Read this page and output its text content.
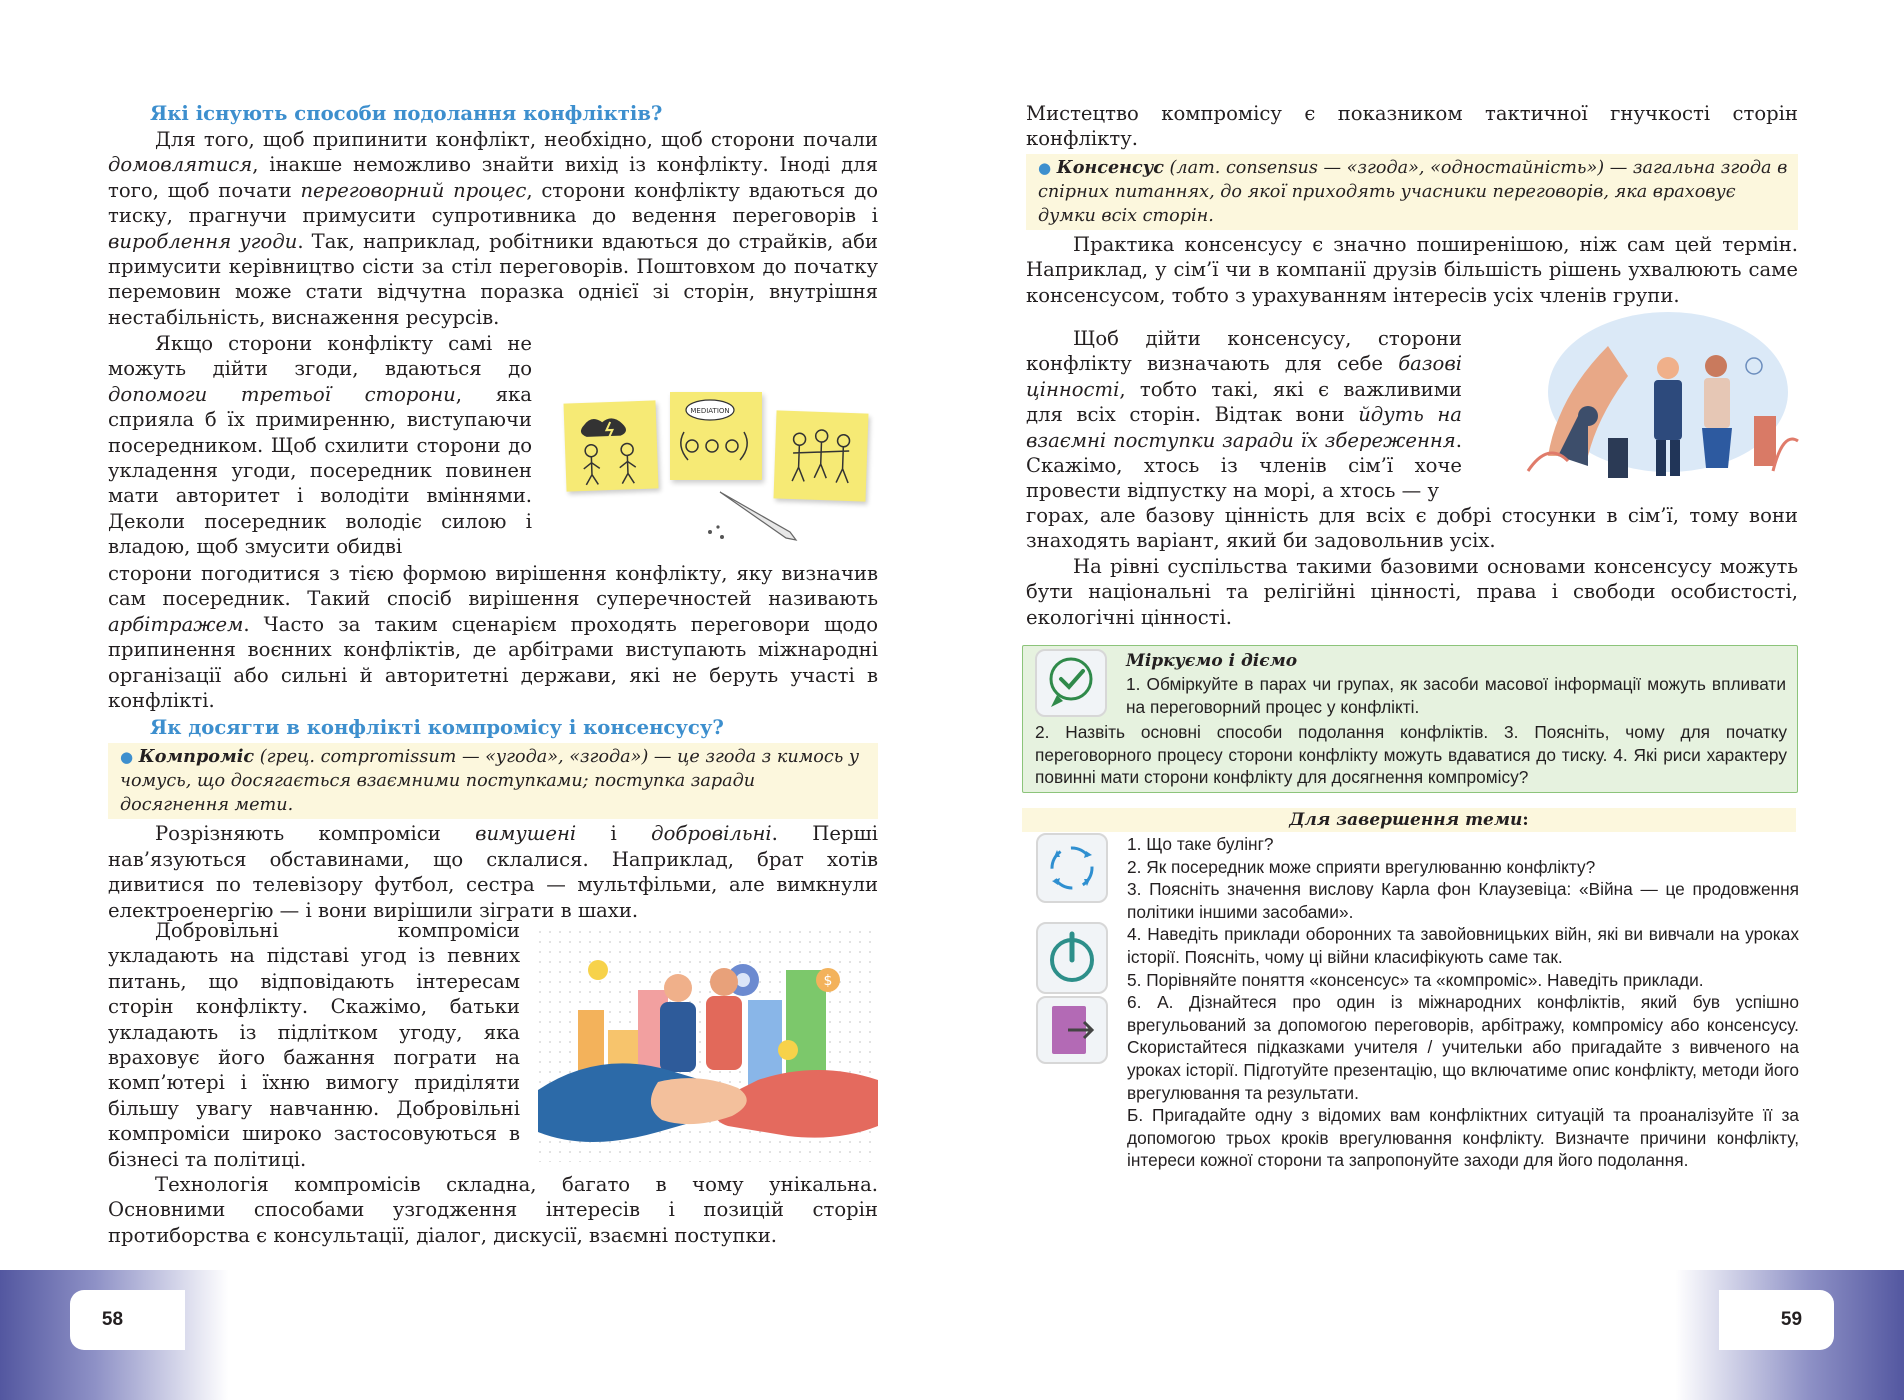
Які існують способи подолання конфліктів?

Для того, щоб припинити конфлікт, необхідно, щоб сторони почали домовлятися, інакше неможливо знайти вихід із конфлікту. Іноді для того, щоб почати переговорний процес, сторони конфлікту вдаються до тиску, прагнучи примусити супротивника до ведення переговорів і вироблення угоди. Так, наприклад, робітники вдаються до страйків, аби примусити керівництво сісти за стіл переговорів. Поштовхом до початку перемовин може стати відчутна поразка однієї зі сторін, внутрішня нестабільність, виснаження ресурсів.

Якщо сторони конфлікту самі не можуть дійти згоди, вдаються до допомоги третьої сторони, яка сприяла б їх примиренню, виступаючи посередником. Щоб схилити сторони до укладення угоди, посередник повинен мати авторитет і володіти вміннями. Деколи посередник володіє силою і владою, щоб змусити обидві

MEDIATION

сторони погодитися з тією формою вирішення конфлікту, яку визначив сам посередник. Такий спосіб вирішення суперечностей називають арбітражем. Часто за таким сценарієм проходять переговори щодо припинення воєнних конфліктів, де арбітрами виступають міжнародні організації або сильні й авторитетні держави, які не беруть участі в конфлікті.

Як досягти в конфлікті компромісу і консенсусу?

● Компроміс (грец. compromissum — «угода», «згода») — це згода з кимось у чомусь, що досягається взаємними поступками; поступка заради досягнення мети.

Розрізняють компроміси вимушені і добровільні. Перші нав’язуються обставинами, що склалися. Наприклад, брат хотів дивитися по телевізору футбол, сестра — мультфільми, але вимкнули електроенергію — і вони вирішили зіграти в шахи.

Добровільні компроміси укладають на підставі угод із певних питань, що відповідають інтересам сторін конфлікту. Скажімо, батьки укладають із підлітком угоду, яка враховує його бажання пограти на комп’ютері і їхню вимогу приділяти більшу увагу навчанню. Добровільні компроміси широко застосовуються в бізнесі та політиці.

$

Технологія компромісів складна, багато в чому унікальна. Основними способами узгодження інтересів і позицій сторін протиборства є консультації, діалог, дискусії, взаємні поступки.

58

Мистецтво компромісу є показником тактичної гнучкості сторін конфлікту.

● Консенсус (лат. consensus — «згода», «одностайність») — загальна згода в спірних питаннях, до якої приходять учасники переговорів, яка враховує думки всіх сторін.

Практика консенсусу є значно поширенішою, ніж сам цей термін. Наприклад, у сім’ї чи в компанії друзів більшість рішень ухвалюють саме консенсусом, тобто з урахуванням інтересів усіх членів групи.

Щоб дійти консенсусу, сторони конфлікту визначають для себе базові цінності, тобто такі, які є важливими для всіх сторін. Відтак вони йдуть на взаємні поступки заради їх збереження. Скажімо, хтось із членів сім’ї хоче провести відпустку на морі, а хтось — у

горах, але базову цінність для всіх є добрі стосунки в сім’ї, тому вони знаходять варіант, який би задовольнив усіх.

На рівні суспільства такими базовими основами консенсусу можуть бути національні та релігійні цінності, права і свободи особистості, екологічні цінності.

Міркуємо і діємо
1. Обміркуйте в парах чи групах, як засоби масової інформації можуть впливати на переговорний процес у конфлікті.
2. Назвіть основні способи подолання конфліктів. 3. Поясніть, чому для початку переговорного процесу сторони конфлікту можуть вдаватися до тиску. 4. Які риси характеру повинні мати сторони конфлікту для досягнення компромісу?
Для завершення теми:
1. Що таке булінг?
2. Як посередник може сприяти врегулюванню конфлікту?
3. Поясніть значення вислову Карла фон Клаузевіца: «Війна — це продовження політики іншими засобами».
4. Наведіть приклади оборонних та завойовницьких війн, які ви вивчали на уроках історії. Поясніть, чому ці війни класифікують саме так.
5. Порівняйте поняття «консенсус» та «компроміс». Наведіть приклади.
6. А. Дізнайтеся про один із міжнародних конфліктів, який був успішно врегульований за допомогою переговорів, арбітражу, компромісу або консенсусу. Скористайтеся підказками учителя / учительки або пригадайте з вивченого на уроках історії. Підготуйте презентацію, що включатиме опис конфлікту, методи його врегулювання та результати.
Б. Пригадайте одну з відомих вам конфліктних ситуацій та проаналізуйте її за допомогою трьох кроків врегулювання конфлікту. Визначте причини конфлікту, інтереси кожної сторони та запропонуйте заходи для його подолання.
59
